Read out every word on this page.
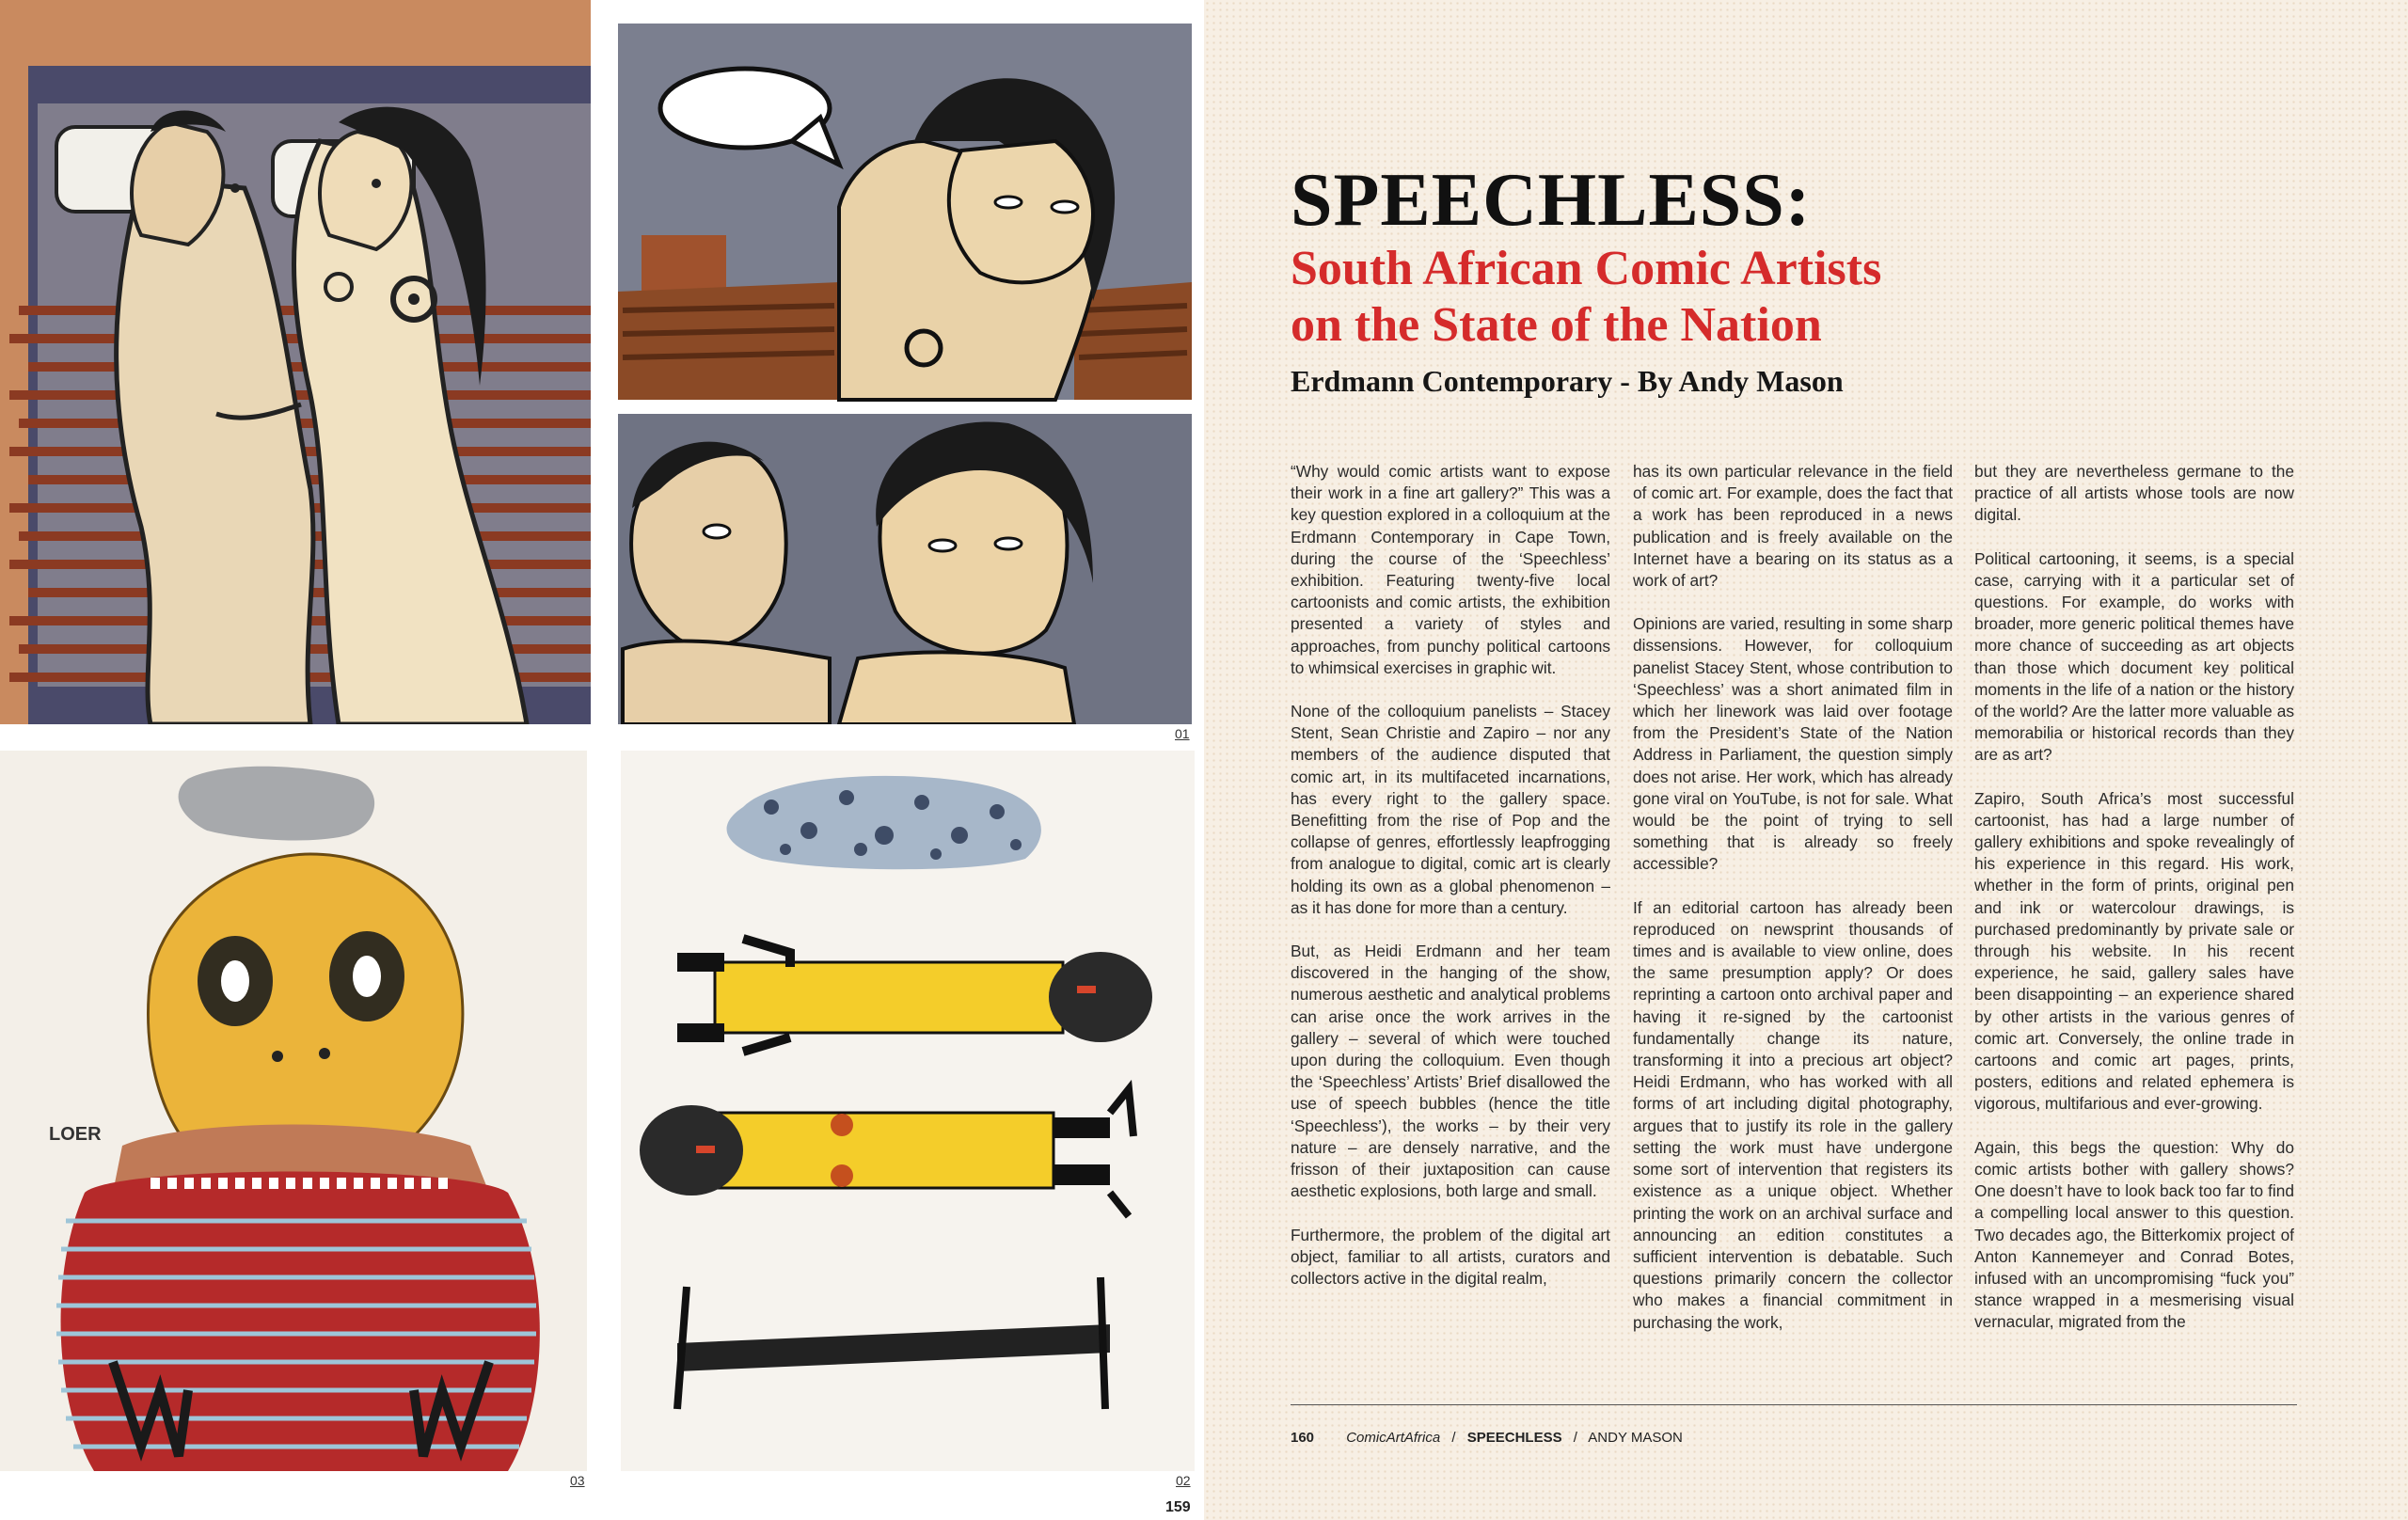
01
LOER
03	02
159
SPEECHLESS:
South African Comic Artists
on the State of the Nation
Erdmann Contemporary - By Andy Mason

“Why would comic artists want to expose their work in a fine art gallery?” This was a key question explored in a colloquium at the Erdmann Contemporary in Cape Town, during the course of the ‘Speechless’ exhibition. Featuring twenty-five local cartoonists and comic artists, the exhibition presented a variety of styles and approaches, from punchy political cartoons to whimsical exercises in graphic wit.

None of the colloquium panelists – Stacey Stent, Sean Christie and Zapiro – nor any members of the audience disputed that comic art, in its multifaceted incarnations, has every right to the gallery space. Benefitting from the rise of Pop and the collapse of genres, effortlessly leapfrogging from analogue to digital, comic art is clearly holding its own as a global phenomenon – as it has done for more than a century.

But, as Heidi Erdmann and her team discovered in the hanging of the show, numerous aesthetic and analytical problems can arise once the work arrives in the gallery – several of which were touched upon during the colloquium. Even though the ‘Speechless’ Artists’ Brief disallowed the use of speech bubbles (hence the title ‘Speechless’), the works – by their very nature – are densely narrative, and the frisson of their juxtaposition can cause aesthetic explosions, both large and small.

Furthermore, the problem of the digital art object, familiar to all artists, curators and collectors active in the digital realm,

has its own particular relevance in the field of comic art. For example, does the fact that a work has been reproduced in a news publication and is freely available on the Internet have a bearing on its status as a work of art?

Opinions are varied, resulting in some sharp dissensions. However, for colloquium panelist Stacey Stent, whose contribution to ‘Speechless’ was a short animated film in which her linework was laid over footage from the President’s State of the Nation Address in Parliament, the question simply does not arise. Her work, which has already gone viral on YouTube, is not for sale. What would be the point of trying to sell something that is already so freely accessible?

If an editorial cartoon has already been reproduced on newsprint thousands of times and is available to view online, does the same presumption apply? Or does reprinting a cartoon onto archival paper and having it re-signed by the cartoonist fundamentally change its nature, transforming it into a precious art object? Heidi Erdmann, who has worked with all forms of art including digital photography, argues that to justify its role in the gallery setting the work must have undergone some sort of intervention that registers its existence as a unique object. Whether printing the work on an archival surface and announcing an edition constitutes a sufficient intervention is debatable. Such questions primarily concern the collector who makes a financial commitment in purchasing the work,

but they are nevertheless germane to the practice of all artists whose tools are now digital.

Political cartooning, it seems, is a special case, carrying with it a particular set of questions. For example, do works with broader, more generic political themes have more chance of succeeding as art objects than those which document key political moments in the life of a nation or the history of the world? Are the latter more valuable as memorabilia or historical records than they are as art?

Zapiro, South Africa’s most successful cartoonist, has had a large number of gallery exhibitions and spoke revealingly of his experience in this regard. His work, whether in the form of prints, original pen and ink or watercolour drawings, is purchased predominantly by private sale or through his website. In his recent experience, he said, gallery sales have been disappointing – an experience shared by other artists in the various genres of comic art. Conversely, the online trade in cartoons and comic art pages, prints, posters, editions and related ephemera is vigorous, multifarious and ever-growing.

Again, this begs the question: Why do comic artists bother with gallery shows? One doesn’t have to look back too far to find a compelling local answer to this question. Two decades ago, the Bitterkomix project of Anton Kannemeyer and Conrad Botes, infused with an uncompromising “fuck you” stance wrapped in a mesmerising visual vernacular, migrated from the

160 ComicArtAfrica / SPEECHLESS / ANDY MASON
